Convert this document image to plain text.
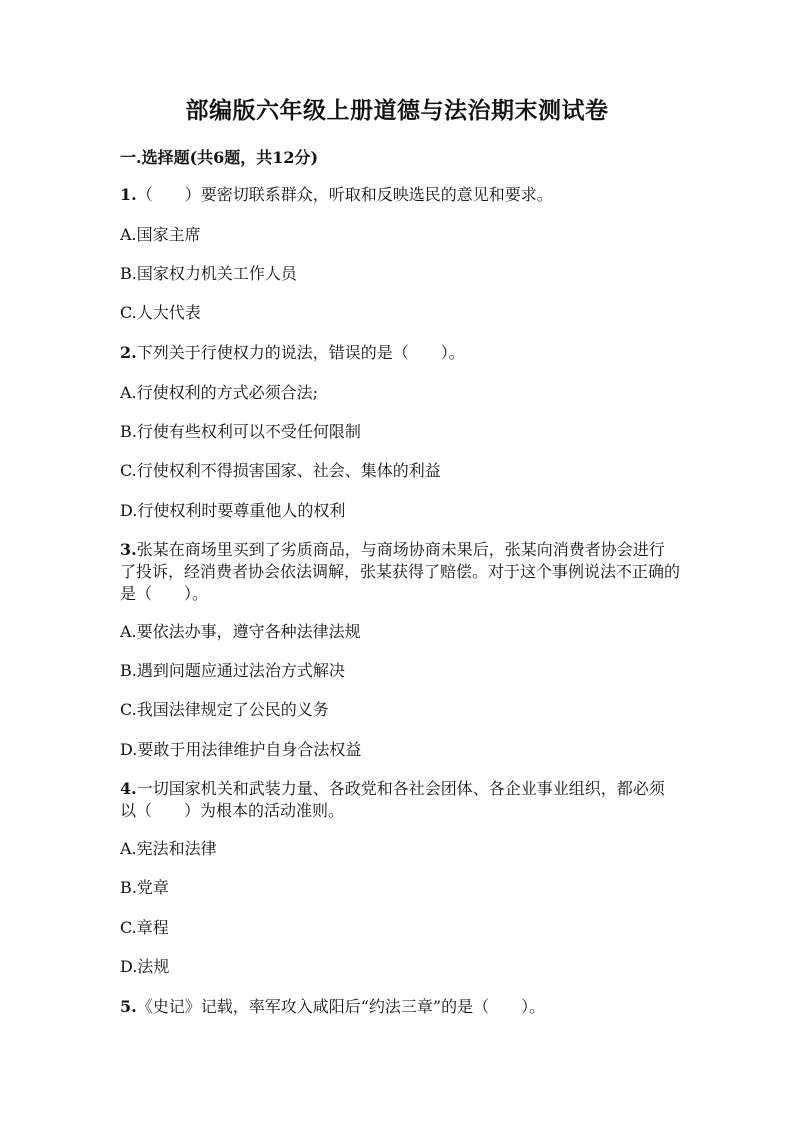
部编版六年级上册道德与法治期末测试卷
一.选择题(共6题，共12分)
1.（　　）要密切联系群众，听取和反映选民的意见和要求。
A.国家主席
B.国家权力机关工作人员
C.人大代表
2.下列关于行使权力的说法，错误的是（　　）。
A.行使权利的方式必须合法;
B.行使有些权利可以不受任何限制
C.行使权利不得损害国家、社会、集体的利益
D.行使权利时要尊重他人的权利
3.张某在商场里买到了劣质商品，与商场协商未果后，张某向消费者协会进行了投诉，经消费者协会依法调解，张某获得了赔偿。对于这个事例说法不正确的是（　　）。
A.要依法办事，遵守各种法律法规
B.遇到问题应通过法治方式解决
C.我国法律规定了公民的义务
D.要敢于用法律维护自身合法权益
4.一切国家机关和武装力量、各政党和各社会团体、各企业事业组织，都必须以（　　）为根本的活动准则。
A.宪法和法律
B.党章
C.章程
D.法规
5.《史记》记载，率军攻入咸阳后“约法三章”的是（　　）。
